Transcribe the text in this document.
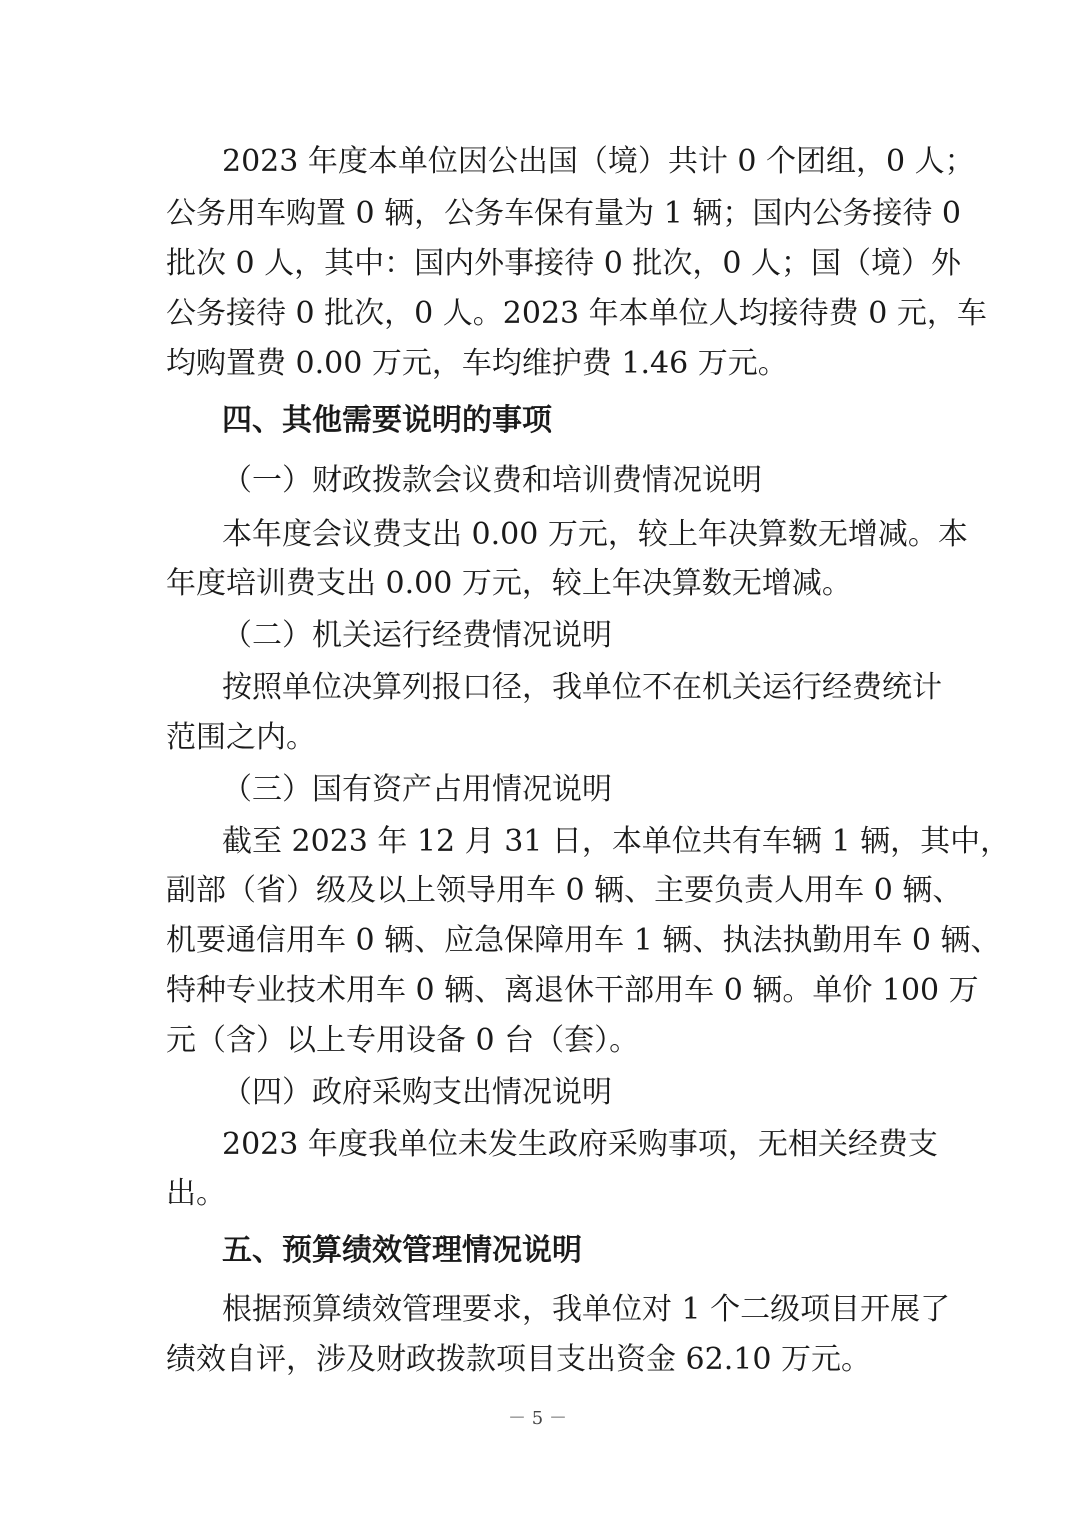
2023 年度本单位因公出国（境）共计 0 个团组，0 人；
公务用车购置 0 辆，公务车保有量为 1 辆；国内公务接待 0
批次 0 人，其中：国内外事接待 0 批次，0 人；国（境）外
公务接待 0 批次，0 人。2023 年本单位人均接待费 0 元，车
均购置费 0.00 万元，车均维护费 1.46 万元。
四、其他需要说明的事项
（一）财政拨款会议费和培训费情况说明
本年度会议费支出 0.00 万元，较上年决算数无增减。本
年度培训费支出 0.00 万元，较上年决算数无增减。
（二）机关运行经费情况说明
按照单位决算列报口径，我单位不在机关运行经费统计
范围之内。
（三）国有资产占用情况说明
截至 2023 年 12 月 31 日，本单位共有车辆 1 辆，其中，
副部（省）级及以上领导用车 0 辆、主要负责人用车 0 辆、
机要通信用车 0 辆、应急保障用车 1 辆、执法执勤用车 0 辆、
特种专业技术用车 0 辆、离退休干部用车 0 辆。单价 100 万
元（含）以上专用设备 0 台（套）。
（四）政府采购支出情况说明
2023 年度我单位未发生政府采购事项，无相关经费支
出。
五、预算绩效管理情况说明
根据预算绩效管理要求，我单位对 1 个二级项目开展了
绩效自评，涉及财政拨款项目支出资金 62.10 万元。
－ 5 －
